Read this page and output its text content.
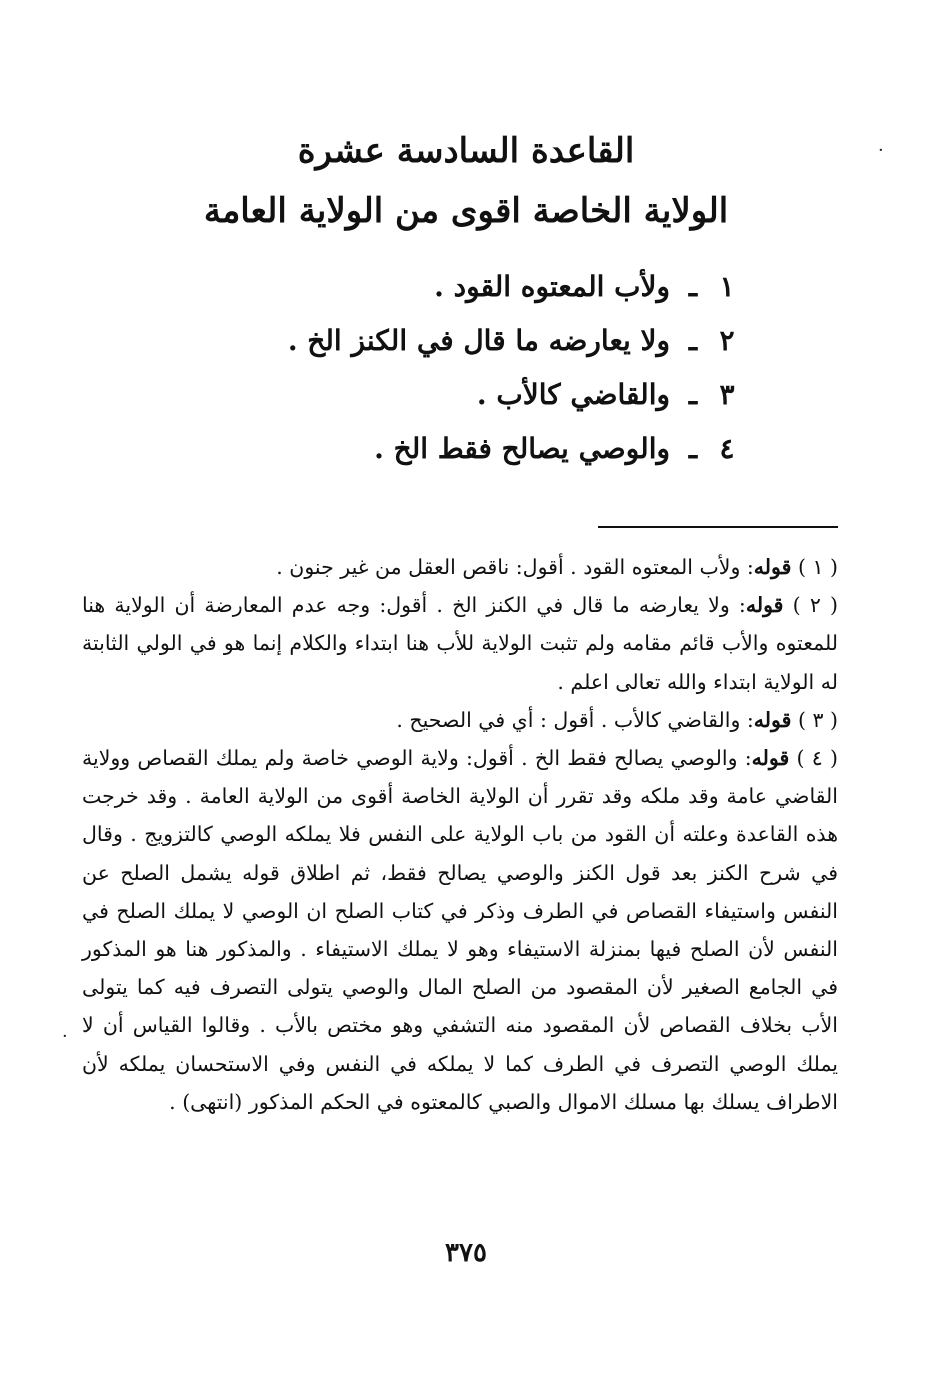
·
القاعدة السادسة عشرة
الولاية الخاصة اقوى من الولاية العامة
١
ـ
ولأب المعتوه القود .
٢
ـ
ولا يعارضه ما قال في الكنز الخ .
٣
ـ
والقاضي كالأب .
٤
ـ
والوصي يصالح فقط الخ .

( ١ ) قوله: ولأب المعتوه القود . أقول: ناقص العقل من غير جنون .

( ٢ ) قوله: ولا يعارضه ما قال في الكنز الخ . أقول: وجه عدم المعارضة أن الولاية هنا للمعتوه والأب قائم مقامه ولم تثبت الولاية للأب هنا ابتداء والكلام إنما هو في الولي الثابتة له الولاية ابتداء والله تعالى اعلم .

( ٣ ) قوله: والقاضي كالأب . أقول : أي في الصحيح .

( ٤ ) قوله: والوصي يصالح فقط الخ . أقول: ولاية الوصي خاصة ولم يملك القصاص وولاية القاضي عامة وقد ملكه وقد تقرر أن الولاية الخاصة أقوى من الولاية العامة . وقد خرجت هذه القاعدة وعلته أن القود من باب الولاية على النفس فلا يملكه الوصي كالتزويج . وقال في شرح الكنز بعد قول الكنز والوصي يصالح فقط، ثم اطلاق قوله يشمل الصلح عن النفس واستيفاء القصاص في الطرف وذكر في كتاب الصلح ان الوصي لا يملك الصلح في النفس لأن الصلح فيها بمنزلة الاستيفاء وهو لا يملك الاستيفاء . والمذكور هنا هو المذكور في الجامع الصغير لأن المقصود من الصلح المال والوصي يتولى التصرف فيه كما يتولى الأب بخلاف القصاص لأن المقصود منه التشفي وهو مختص بالأب . وقالوا القياس أن لا يملك الوصي التصرف في الطرف كما لا يملكه في النفس وفي الاستحسان يملكه لأن الاطراف يسلك بها مسلك الاموال والصبي كالمعتوه في الحكم المذكور (انتهى) .

·
٣٧٥
